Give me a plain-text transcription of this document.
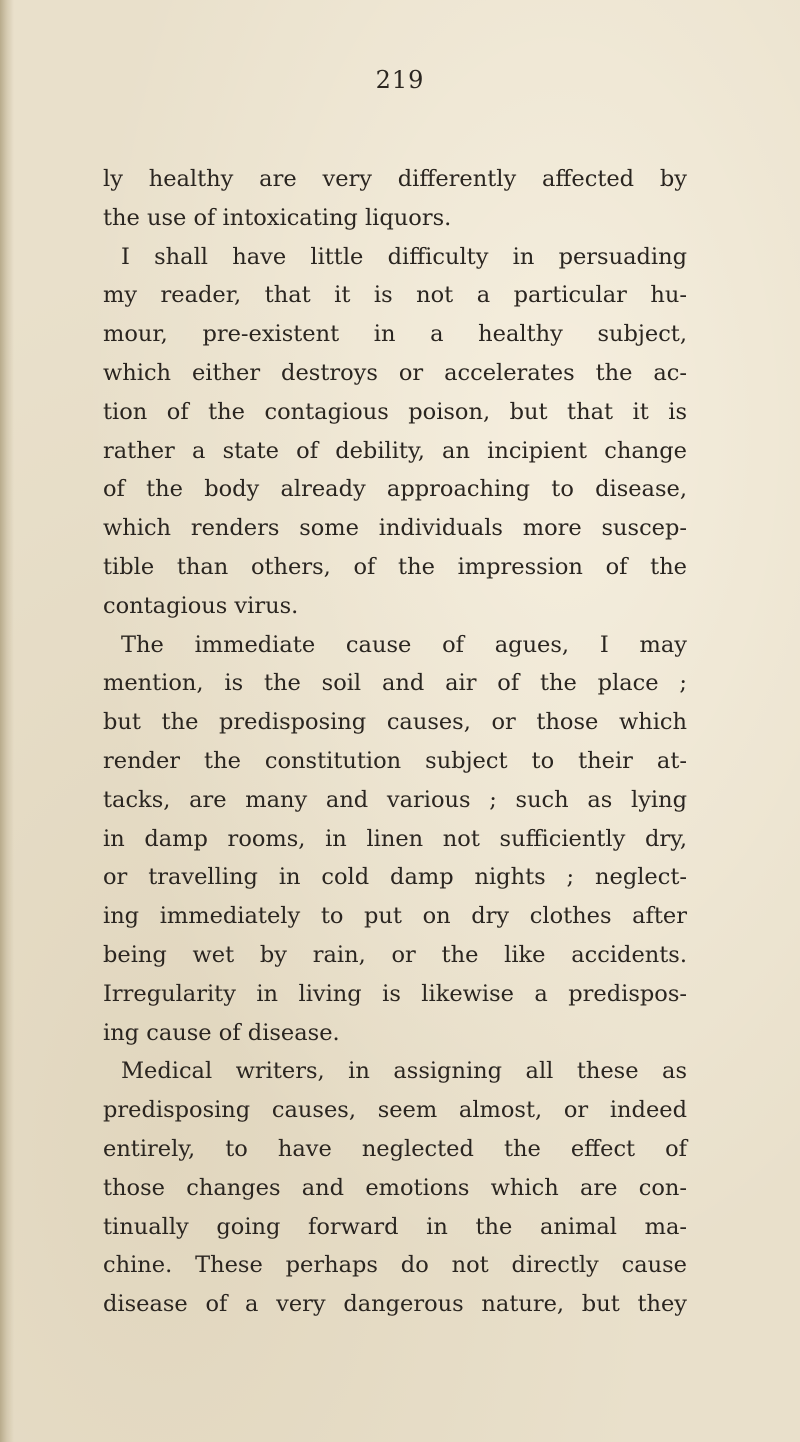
219
ly healthy are very differently affected by
the use of intoxicating liquors.
I shall have little difficulty in persuading
my reader, that it is not a particular hu-
mour, pre-existent in a healthy subject,
which either destroys or accelerates the ac-
tion of the contagious poison, but that it is
rather a state of debility, an incipient change
of the body already approaching to disease,
which renders some individuals more suscep-
tible than others, of the impression of the
contagious virus.
The immediate cause of agues, I may
mention, is the soil and air of the place ;
but the predisposing causes, or those which
render the constitution subject to their at-
tacks, are many and various ; such as lying
in damp rooms, in linen not sufficiently dry,
or travelling in cold damp nights ; neglect-
ing immediately to put on dry clothes after
being wet by rain, or the like accidents.
Irregularity in living is likewise a predispos-
ing cause of disease.
Medical writers, in assigning all these as
predisposing causes, seem almost, or indeed
entirely, to have neglected the effect of
those changes and emotions which are con-
tinually going forward in the animal ma-
chine. These perhaps do not directly cause
disease of a very dangerous nature, but they
